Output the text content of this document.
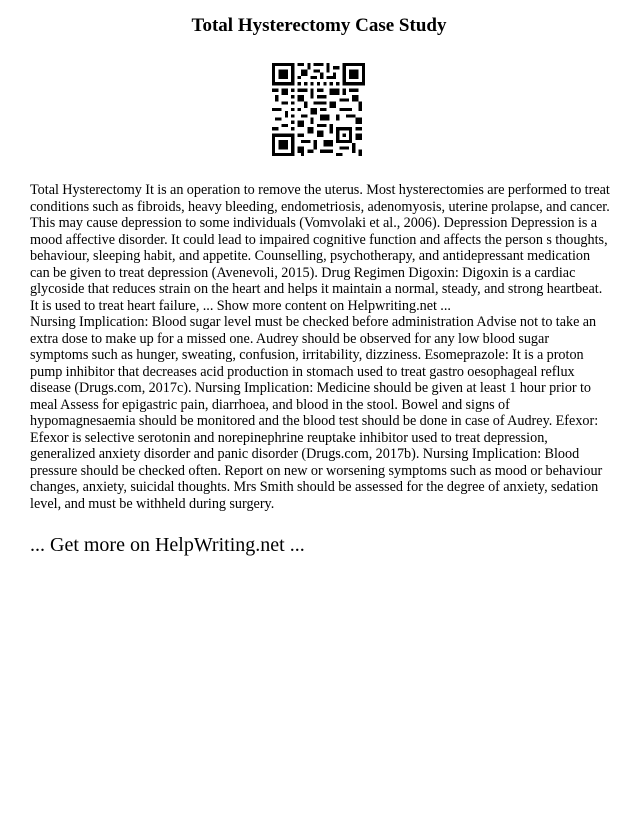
Total Hysterectomy Case Study

Total Hysterectomy It is an operation to remove the uterus. Most hysterectomies are performed to treat conditions such as fibroids, heavy bleeding, endometriosis, adenomyosis, uterine prolapse, and cancer. This may cause depression to some individuals (Vomvolaki et al., 2006). Depression Depression is a mood affective disorder. It could lead to impaired cognitive function and affects the person s thoughts, behaviour, sleeping habit, and appetite. Counselling, psychotherapy, and antidepressant medication can be given to treat depression (Avenevoli, 2015). Drug Regimen Digoxin: Digoxin is a cardiac glycoside that reduces strain on the heart and helps it maintain a normal, steady, and strong heartbeat. It is used to treat heart failure, ... Show more content on Helpwriting.net ...

Nursing Implication: Blood sugar level must be checked before administration Advise not to take an extra dose to make up for a missed one. Audrey should be observed for any low blood sugar symptoms such as hunger, sweating, confusion, irritability, dizziness. Esomeprazole: It is a proton pump inhibitor that decreases acid production in stomach used to treat gastro oesophageal reflux disease (Drugs.com, 2017c). Nursing Implication: Medicine should be given at least 1 hour prior to meal Assess for epigastric pain, diarrhoea, and blood in the stool. Bowel and signs of hypomagnesaemia should be monitored and the blood test should be done in case of Audrey. Efexor: Efexor is selective serotonin and norepinephrine reuptake inhibitor used to treat depression, generalized anxiety disorder and panic disorder (Drugs.com, 2017b). Nursing Implication: Blood pressure should be checked often. Report on new or worsening symptoms such as mood or behaviour changes, anxiety, suicidal thoughts. Mrs Smith should be assessed for the degree of anxiety, sedation level, and must be withheld during surgery.

... Get more on HelpWriting.net ...
